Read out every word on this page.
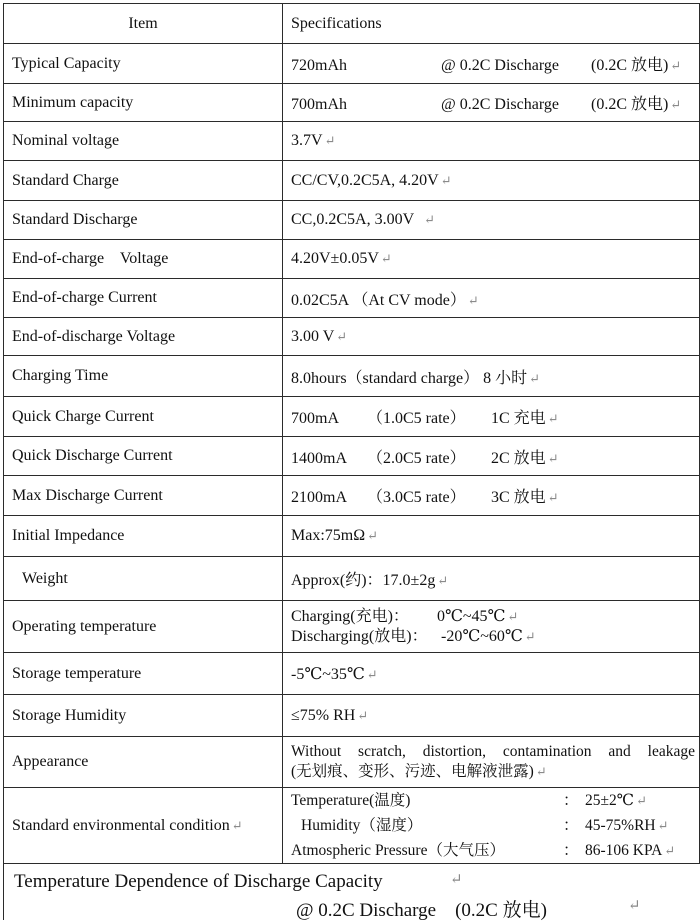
Item	Specifications
Typical Capacity	720mAh @ 0.2C Discharge (0.2C 放电) ↵
Minimum capacity	700mAh @ 0.2C Discharge (0.2C 放电) ↵
Nominal voltage	3.7V ↵
Standard Charge	CC/CV,0.2C5A, 4.20V ↵
Standard Discharge	CC,0.2C5A, 3.00V ↵
End-of-charge    Voltage	4.20V±0.05V ↵
End-of-charge Current	0.02C5A （At CV mode） ↵
End-of-discharge Voltage	3.00 V ↵
Charging Time	8.0hours（standard charge） 8 小时 ↵
Quick Charge Current	700mA （1.0C5 rate） 1C 充电 ↵
Quick Discharge Current	1400mA （2.0C5 rate） 2C 放电 ↵
Max Discharge Current	2100mA （3.0C5 rate） 3C 放电 ↵
Initial Impedance	Max:75mΩ ↵
Weight	Approx(约)：17.0±2g ↵
Operating temperature	Charging(充电)： 0℃~45℃ ↵
Discharging(放电)： -20℃~60℃ ↵

Storage temperature	-5℃~35℃ ↵
Storage Humidity	≤75% RH ↵
Appearance	Without scratch, distortion, contamination and leakage
(无划痕、变形、污迹、电解液泄露) ↵

Standard environmental condition ↵	Temperature(温度) ： 25±2℃ ↵
Humidity（湿度） ： 45-75%RH ↵
Atmospheric Pressure（大气压） ： 86-106 KPA ↵
Temperature Dependence of Discharge Capacity	↵
@ 0.2C Discharge    (0.2C 放电)	↵
